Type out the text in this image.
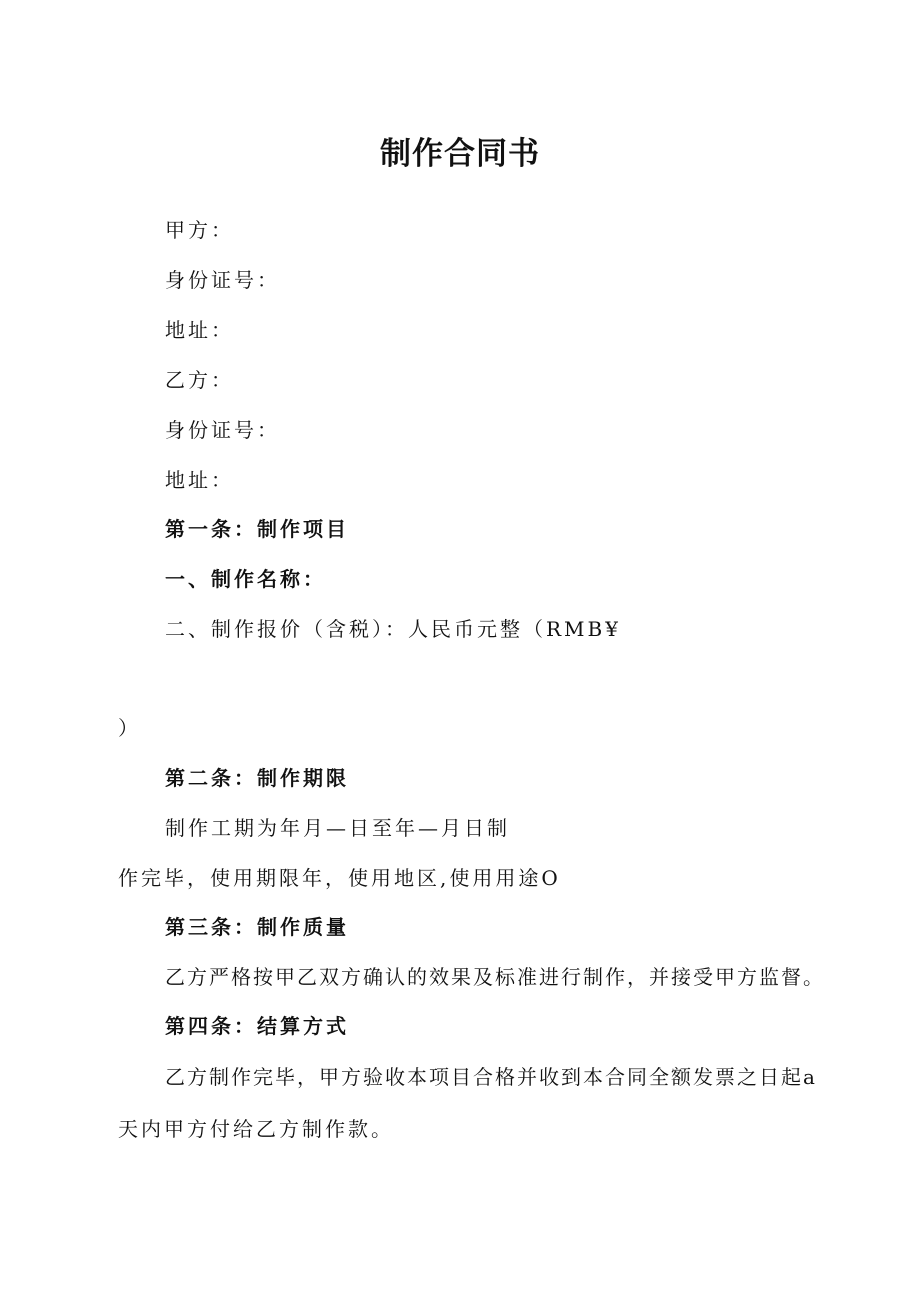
制作合同书
甲方：
身份证号：
地址：
乙方：
身份证号：
地址：
第一条：制作项目
一、制作名称：
二、制作报价（含税）：人民币元整（RMB¥
）
第二条：制作期限
制作工期为年月—日至年—月日制
作完毕，使用期限年，使用地区,使用用途O
第三条：制作质量
乙方严格按甲乙双方确认的效果及标准进行制作，并接受甲方监督。
第四条：结算方式
乙方制作完毕，甲方验收本项目合格并收到本合同全额发票之日起a
天内甲方付给乙方制作款。
